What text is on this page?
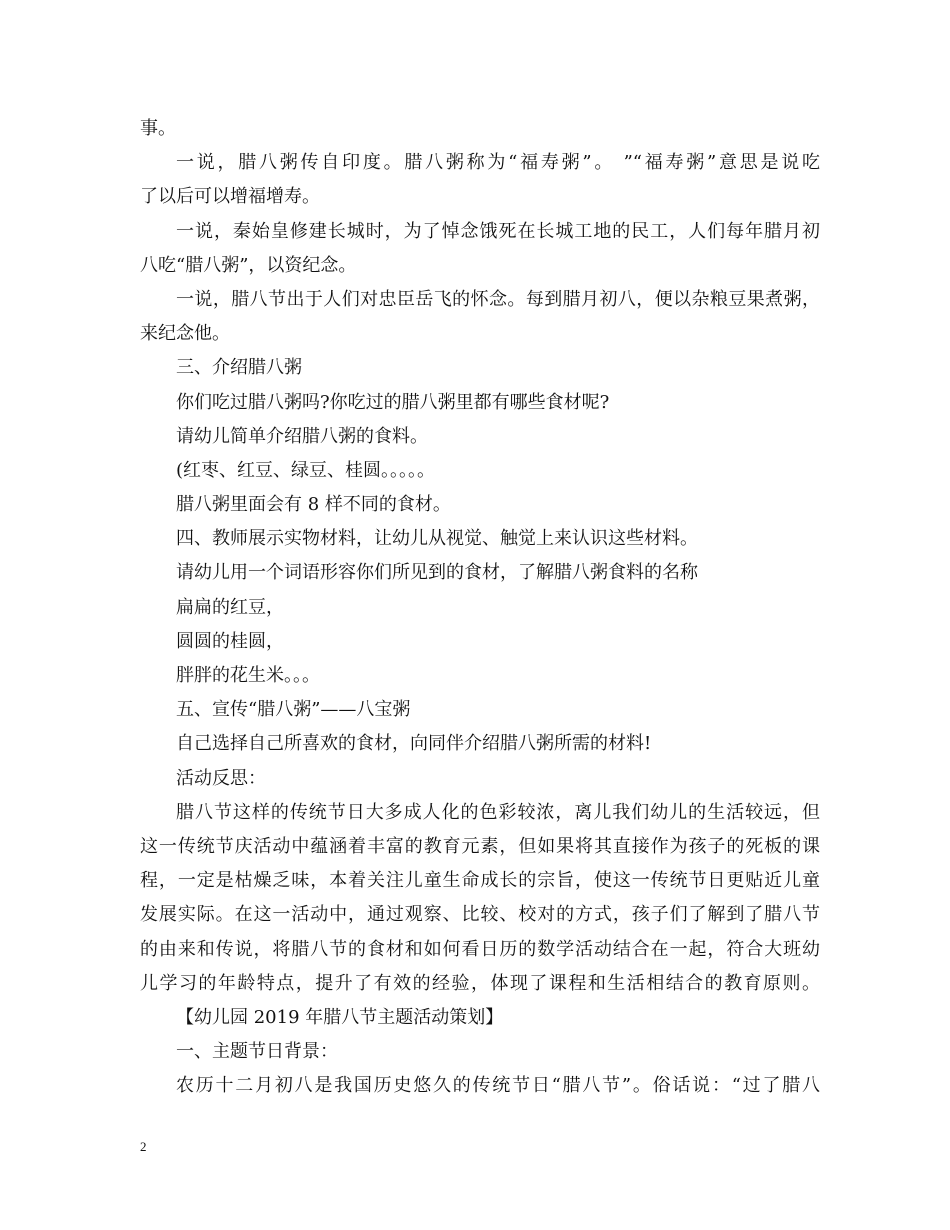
事。
一说，腊八粥传自印度。腊八粥称为“福寿粥”。 ”“福寿粥”意思是说吃
了以后可以增福增寿。
一说，秦始皇修建长城时，为了悼念饿死在长城工地的民工，人们每年腊月初
八吃“腊八粥”，以资纪念。
一说，腊八节出于人们对忠臣岳飞的怀念。每到腊月初八，便以杂粮豆果煮粥，
来纪念他。
三、介绍腊八粥
你们吃过腊八粥吗?你吃过的腊八粥里都有哪些食材呢?
请幼儿简单介绍腊八粥的食料。
(红枣、红豆、绿豆、桂圆。。。。。
腊八粥里面会有 8 样不同的食材。
四、教师展示实物材料，让幼儿从视觉、触觉上来认识这些材料。
请幼儿用一个词语形容你们所见到的食材，了解腊八粥食料的名称
扁扁的红豆，
圆圆的桂圆，
胖胖的花生米。。。
五、宣传“腊八粥”——八宝粥
自己选择自己所喜欢的食材，向同伴介绍腊八粥所需的材料!
活动反思：
腊八节这样的传统节日大多成人化的色彩较浓，离儿我们幼儿的生活较远，但
这一传统节庆活动中蕴涵着丰富的教育元素，但如果将其直接作为孩子的死板的课
程，一定是枯燥乏味，本着关注儿童生命成长的宗旨，使这一传统节日更贴近儿童
发展实际。在这一活动中，通过观察、比较、校对的方式，孩子们了解到了腊八节
的由来和传说，将腊八节的食材和如何看日历的数学活动结合在一起，符合大班幼
儿学习的年龄特点，提升了有效的经验，体现了课程和生活相结合的教育原则。
【幼儿园 2019 年腊八节主题活动策划】
一、主题节日背景：
农历十二月初八是我国历史悠久的传统节日“腊八节”。俗话说：“过了腊八
2
